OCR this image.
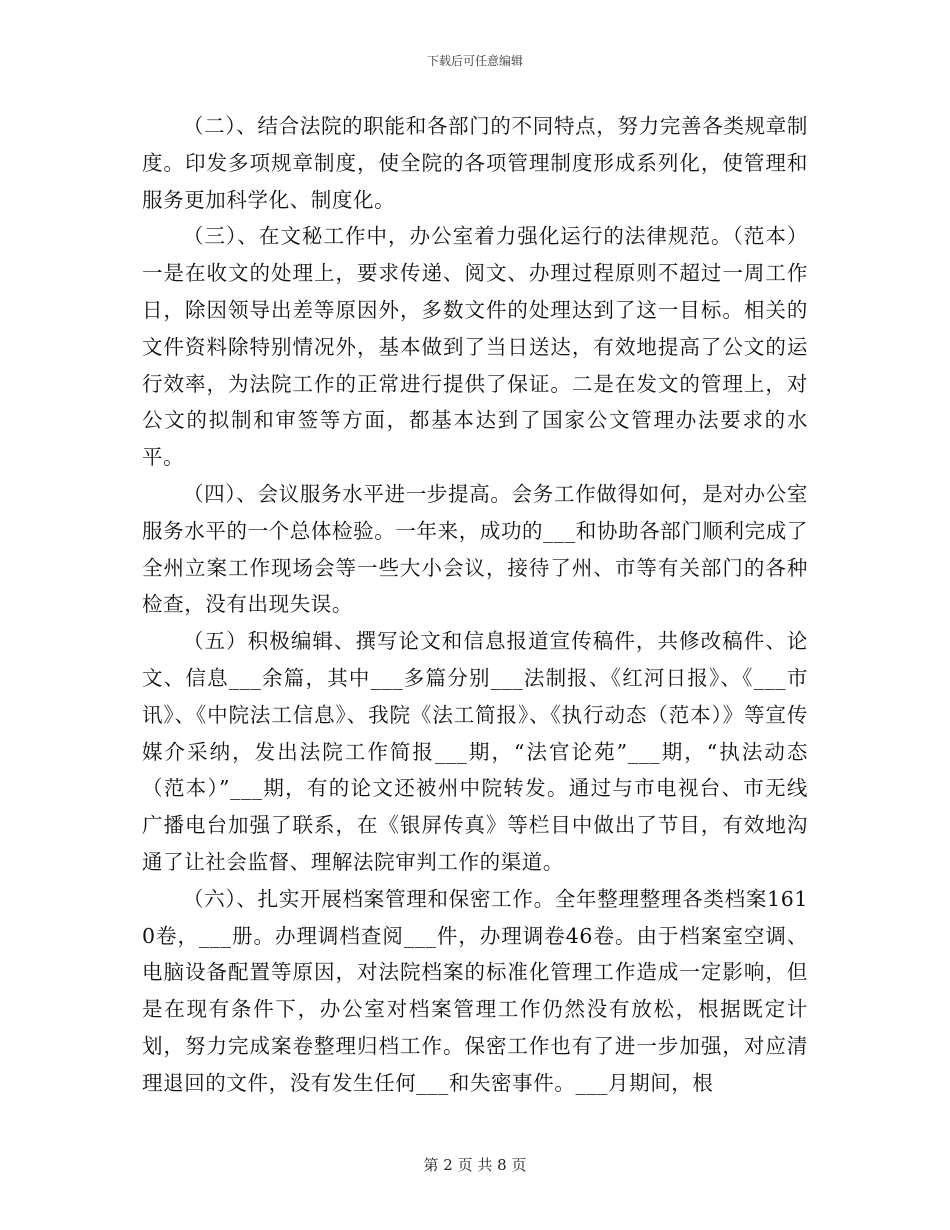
下载后可任意编辑

（二）、结合法院的职能和各部门的不同特点，努力完善各类规章制度。印发多项规章制度，使全院的各项管理制度形成系列化，使管理和服务更加科学化、制度化。

（三）、在文秘工作中，办公室着力强化运行的法律规范。（范本）一是在收文的处理上，要求传递、阅文、办理过程原则不超过一周工作日，除因领导出差等原因外，多数文件的处理达到了这一目标。相关的文件资料除特别情况外，基本做到了当日送达，有效地提高了公文的运行效率，为法院工作的正常进行提供了保证。二是在发文的管理上，对公文的拟制和审签等方面，都基本达到了国家公文管理办法要求的水平。

（四）、会议服务水平进一步提高。会务工作做得如何，是对办公室服务水平的一个总体检验。一年来，成功的___和协助各部门顺利完成了全州立案工作现场会等一些大小会议，接待了州、市等有关部门的各种检查，没有出现失误。

（五）积极编辑、撰写论文和信息报道宣传稿件，共修改稿件、论文、信息___余篇，其中___多篇分别___法制报、《红河日报》、《___市讯》、《中院法工信息》、我院《法工简报》、《执行动态（范本）》等宣传媒介采纳，发出法院工作简报___期，“法官论苑”___期，“执法动态（范本）”___期，有的论文还被州中院转发。通过与市电视台、市无线广播电台加强了联系，在《银屏传真》等栏目中做出了节目，有效地沟通了让社会监督、理解法院审判工作的渠道。

（六）、扎实开展档案管理和保密工作。全年整理整理各类档案1610卷，___册。办理调档查阅___件，办理调卷46卷。由于档案室空调、电脑设备配置等原因，对法院档案的标准化管理工作造成一定影响，但是在现有条件下，办公室对档案管理工作仍然没有放松，根据既定计划，努力完成案卷整理归档工作。保密工作也有了进一步加强，对应清理退回的文件，没有发生任何___和失密事件。___月期间，根

第 2 页 共 8 页
